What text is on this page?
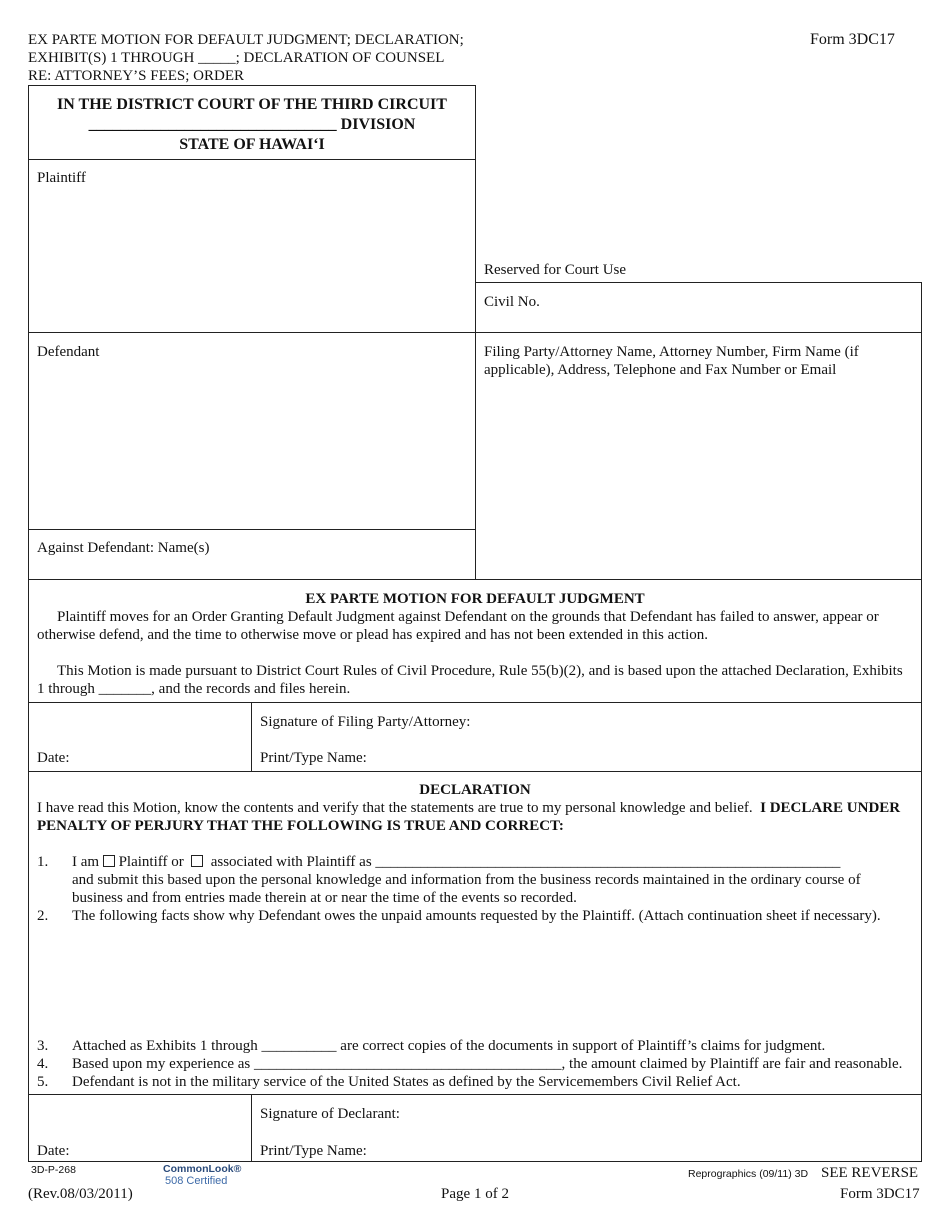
EX PARTE MOTION FOR DEFAULT JUDGMENT; DECLARATION;
EXHIBIT(S) 1 THROUGH _____; DECLARATION OF COUNSEL
RE: ATTORNEY’S FEES; ORDER
Form 3DC17
IN THE DISTRICT COURT OF THE THIRD CIRCUIT
_______________________________ DIVISION
STATE OF HAWAI‘I
Plaintiff
Reserved for Court Use
Civil No.
Defendant	Filing Party/Attorney Name, Attorney Number, Firm Name (if applicable), Address, Telephone and Fax Number or Email
Against Defendant: Name(s)
EX PARTE MOTION FOR DEFAULT JUDGMENT
Plaintiff moves for an Order Granting Default Judgment against Defendant on the grounds that Defendant has failed to answer, appear or otherwise defend, and the time to otherwise move or plead has expired and has not been extended in this action.
This Motion is made pursuant to District Court Rules of Civil Procedure, Rule 55(b)(2), and is based upon the attached Declaration, Exhibits 1 through _______, and the records and files herein.
Date:
Signature of Filing Party/Attorney:
Print/Type Name:
DECLARATION
I have read this Motion, know the contents and verify that the statements are true to my personal knowledge and belief. I DECLARE UNDER PENALTY OF PERJURY THAT THE FOLLOWING IS TRUE AND CORRECT:
1. I am Plaintiff or associated with Plaintiff as ______________________________________________________________
and submit this based upon the personal knowledge and information from the business records maintained in the ordinary course of business and from entries made therein at or near the time of the events so recorded.
2. The following facts show why Defendant owes the unpaid amounts requested by the Plaintiff. (Attach continuation sheet if necessary).
3. Attached as Exhibits 1 through __________ are correct copies of the documents in support of Plaintiff’s claims for judgment.
4. Based upon my experience as _________________________________________, the amount claimed by Plaintiff are fair and reasonable.
5. Defendant is not in the military service of the United States as defined by the Servicemembers Civil Relief Act.
Date:
Signature of Declarant:
Print/Type Name:
3D-P-268	CommonLook®
508 Certified
Reprographics (09/11) 3D SEE REVERSE
(Rev.08/03/2011)	Page 1 of 2	Form 3DC17
